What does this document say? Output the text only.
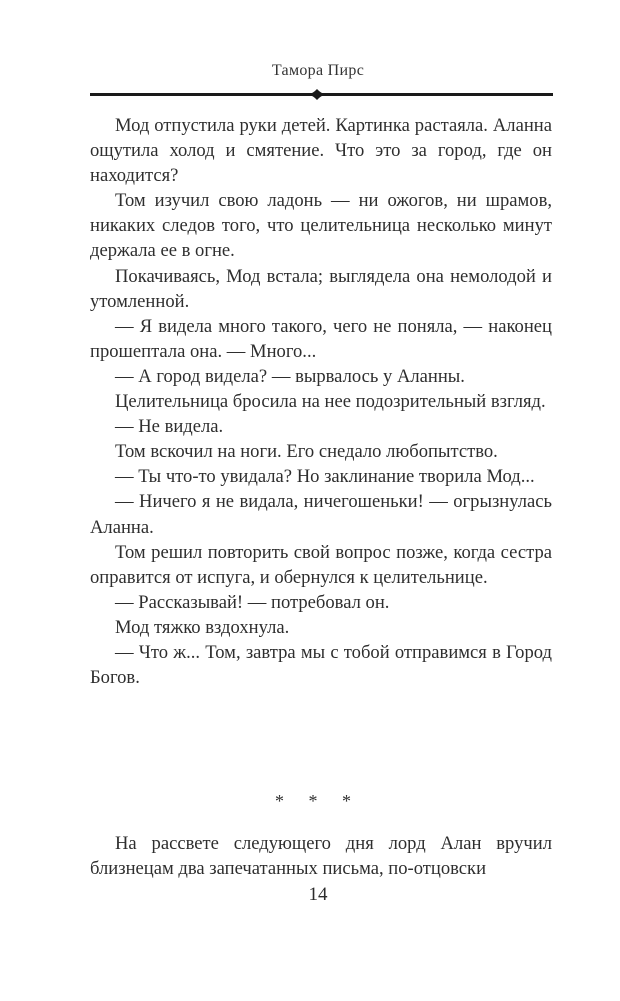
Тамора Пирс

Мод отпустила руки детей. Картинка растаяла. Аланна ощутила холод и смятение. Что это за город, где он находится?

Том изучил свою ладонь — ни ожогов, ни шрамов, никаких следов того, что целительница несколько минут держала ее в огне.

Покачиваясь, Мод встала; выглядела она немолодой и утомленной.

— Я видела много такого, чего не поняла, — наконец прошептала она. — Много...

— А город видела? — вырвалось у Аланны.

Целительница бросила на нее подозрительный взгляд.

— Не видела.

Том вскочил на ноги. Его снедало любопытство.

— Ты что-то увидала? Но заклинание творила Мод...

— Ничего я не видала, ничегошеньки! — огрызнулась Аланна.

Том решил повторить свой вопрос позже, когда сестра оправится от испуга, и обернулся к целительнице.

— Рассказывай! — потребовал он.

Мод тяжко вздохнула.

— Что ж... Том, завтра мы с тобой отправимся в Город Богов.

* * *

На рассвете следующего дня лорд Алан вручил близнецам два запечатанных письма, по-отцовски

14
